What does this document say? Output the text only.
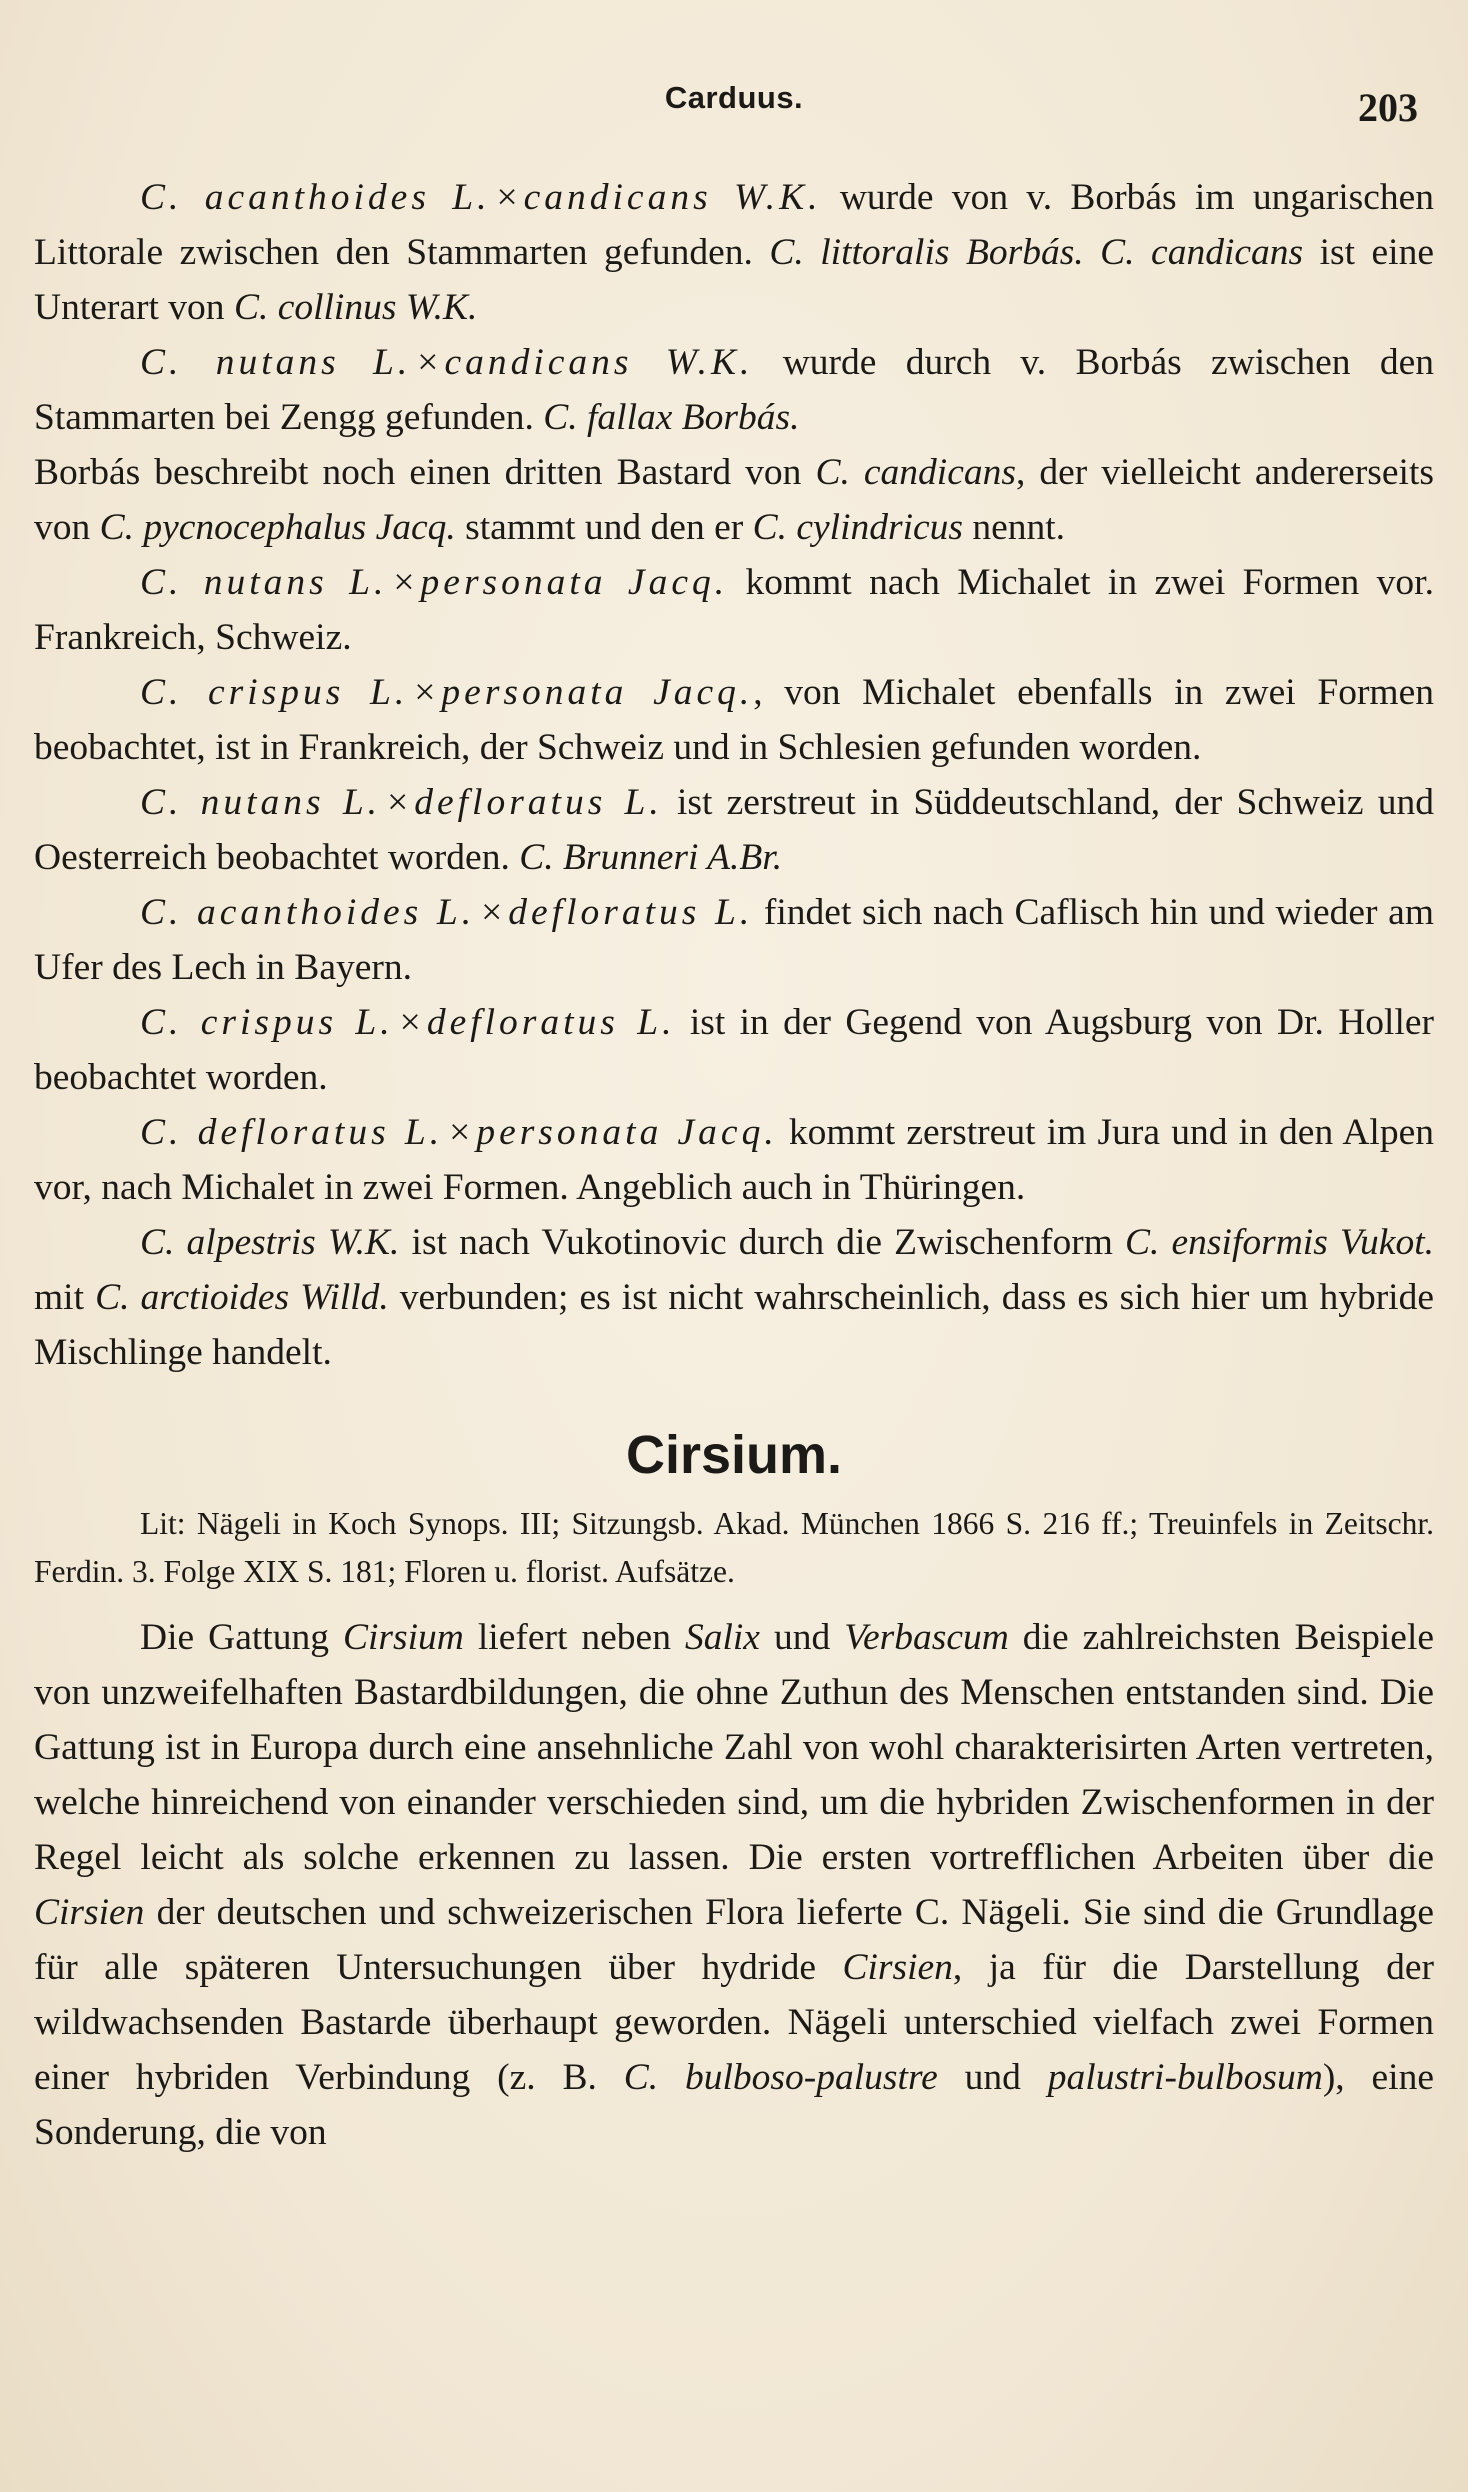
Carduus.	203

C. acanthoides L. × candicans W.K. wurde von v. Borbás im ungarischen Littorale zwischen den Stammarten gefunden. C. littoralis Borbás. C. candicans ist eine Unterart von C. collinus W.K.

C. nutans L. × candicans W.K. wurde durch v. Borbás zwischen den Stammarten bei Zengg gefunden. C. fallax Borbás.

Borbás beschreibt noch einen dritten Bastard von C. candicans, der vielleicht andererseits von C. pycnocephalus Jacq. stammt und den er C. cylindricus nennt.

C. nutans L. × personata Jacq. kommt nach Michalet in zwei Formen vor. Frankreich, Schweiz.

C. crispus L. × personata Jacq., von Michalet ebenfalls in zwei Formen beobachtet, ist in Frankreich, der Schweiz und in Schlesien gefunden worden.

C. nutans L. × defloratus L. ist zerstreut in Süddeutschland, der Schweiz und Oesterreich beobachtet worden. C. Brunneri A.Br.

C. acanthoides L. × defloratus L. findet sich nach Caflisch hin und wieder am Ufer des Lech in Bayern.

C. crispus L. × defloratus L. ist in der Gegend von Augsburg von Dr. Holler beobachtet worden.

C. defloratus L. × personata Jacq. kommt zerstreut im Jura und in den Alpen vor, nach Michalet in zwei Formen. Angeblich auch in Thüringen.

C. alpestris W.K. ist nach Vukotinovic durch die Zwischenform C. ensiformis Vukot. mit C. arctioides Willd. verbunden; es ist nicht wahrscheinlich, dass es sich hier um hybride Mischlinge handelt.

Cirsium.
Lit: Nägeli in Koch Synops. III; Sitzungsb. Akad. München 1866 S. 216 ff.; Treuinfels in Zeitschr. Ferdin. 3. Folge XIX S. 181; Floren u. florist. Aufsätze.

Die Gattung Cirsium liefert neben Salix und Verbascum die zahlreichsten Beispiele von unzweifelhaften Bastardbildungen, die ohne Zuthun des Menschen entstanden sind. Die Gattung ist in Europa durch eine ansehnliche Zahl von wohl charakterisirten Arten vertreten, welche hinreichend von einander verschieden sind, um die hybriden Zwischenformen in der Regel leicht als solche erkennen zu lassen. Die ersten vortrefflichen Arbeiten über die Cirsien der deutschen und schweizerischen Flora lieferte C. Nägeli. Sie sind die Grundlage für alle späteren Untersuchungen über hydride Cirsien, ja für die Darstellung der wildwachsenden Bastarde überhaupt geworden. Nägeli unterschied vielfach zwei Formen einer hybriden Verbindung (z. B. C. bulboso-palustre und palustri-bulbosum), eine Sonderung, die von
